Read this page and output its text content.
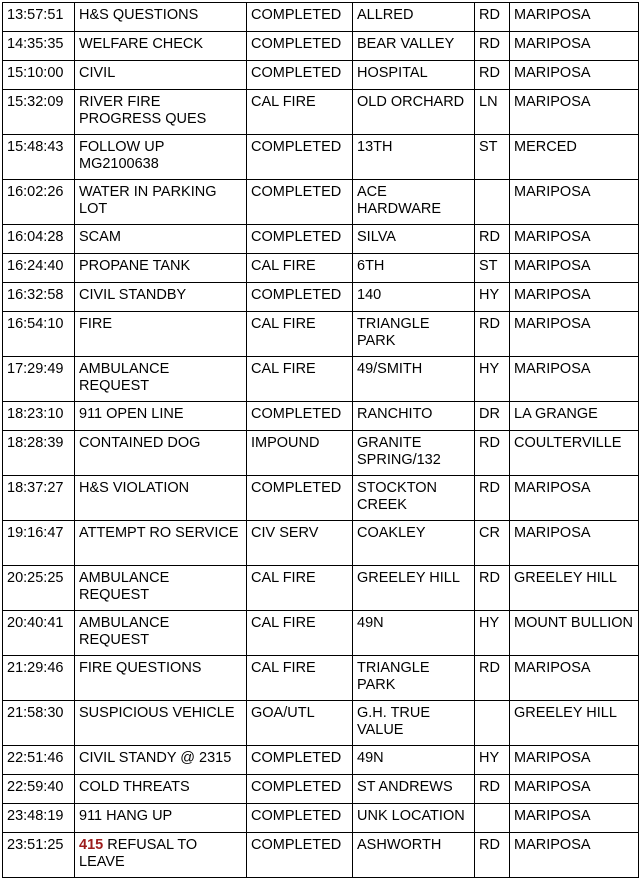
13:57:51	H&S QUESTIONS	COMPLETED	ALLRED	RD	MARIPOSA
14:35:35	WELFARE CHECK	COMPLETED	BEAR VALLEY	RD	MARIPOSA
15:10:00	CIVIL	COMPLETED	HOSPITAL	RD	MARIPOSA
15:32:09	RIVER FIRE PROGRESS QUES	CAL FIRE	OLD ORCHARD	LN	MARIPOSA
15:48:43	FOLLOW UP MG2100638	COMPLETED	13TH	ST	MERCED
16:02:26	WATER IN PARKING LOT	COMPLETED	ACE HARDWARE		MARIPOSA
16:04:28	SCAM	COMPLETED	SILVA	RD	MARIPOSA
16:24:40	PROPANE TANK	CAL FIRE	6TH	ST	MARIPOSA
16:32:58	CIVIL STANDBY	COMPLETED	140	HY	MARIPOSA
16:54:10	FIRE	CAL FIRE	TRIANGLE PARK	RD	MARIPOSA
17:29:49	AMBULANCE REQUEST	CAL FIRE	49/SMITH	HY	MARIPOSA
18:23:10	911 OPEN LINE	COMPLETED	RANCHITO	DR	LA GRANGE
18:28:39	CONTAINED DOG	IMPOUND	GRANITE SPRING/132	RD	COULTERVILLE
18:37:27	H&S VIOLATION	COMPLETED	STOCKTON CREEK	RD	MARIPOSA
19:16:47	ATTEMPT RO SERVICE	CIV SERV	COAKLEY	CR	MARIPOSA
20:25:25	AMBULANCE REQUEST	CAL FIRE	GREELEY HILL	RD	GREELEY HILL
20:40:41	AMBULANCE REQUEST	CAL FIRE	49N	HY	MOUNT BULLION
21:29:46	FIRE QUESTIONS	CAL FIRE	TRIANGLE PARK	RD	MARIPOSA
21:58:30	SUSPICIOUS VEHICLE	GOA/UTL	G.H. TRUE VALUE		GREELEY HILL
22:51:46	CIVIL STANDY @ 2315	COMPLETED	49N	HY	MARIPOSA
22:59:40	COLD THREATS	COMPLETED	ST ANDREWS	RD	MARIPOSA
23:48:19	911 HANG UP	COMPLETED	UNK LOCATION		MARIPOSA
23:51:25	415 REFUSAL TO LEAVE	COMPLETED	ASHWORTH	RD	MARIPOSA
